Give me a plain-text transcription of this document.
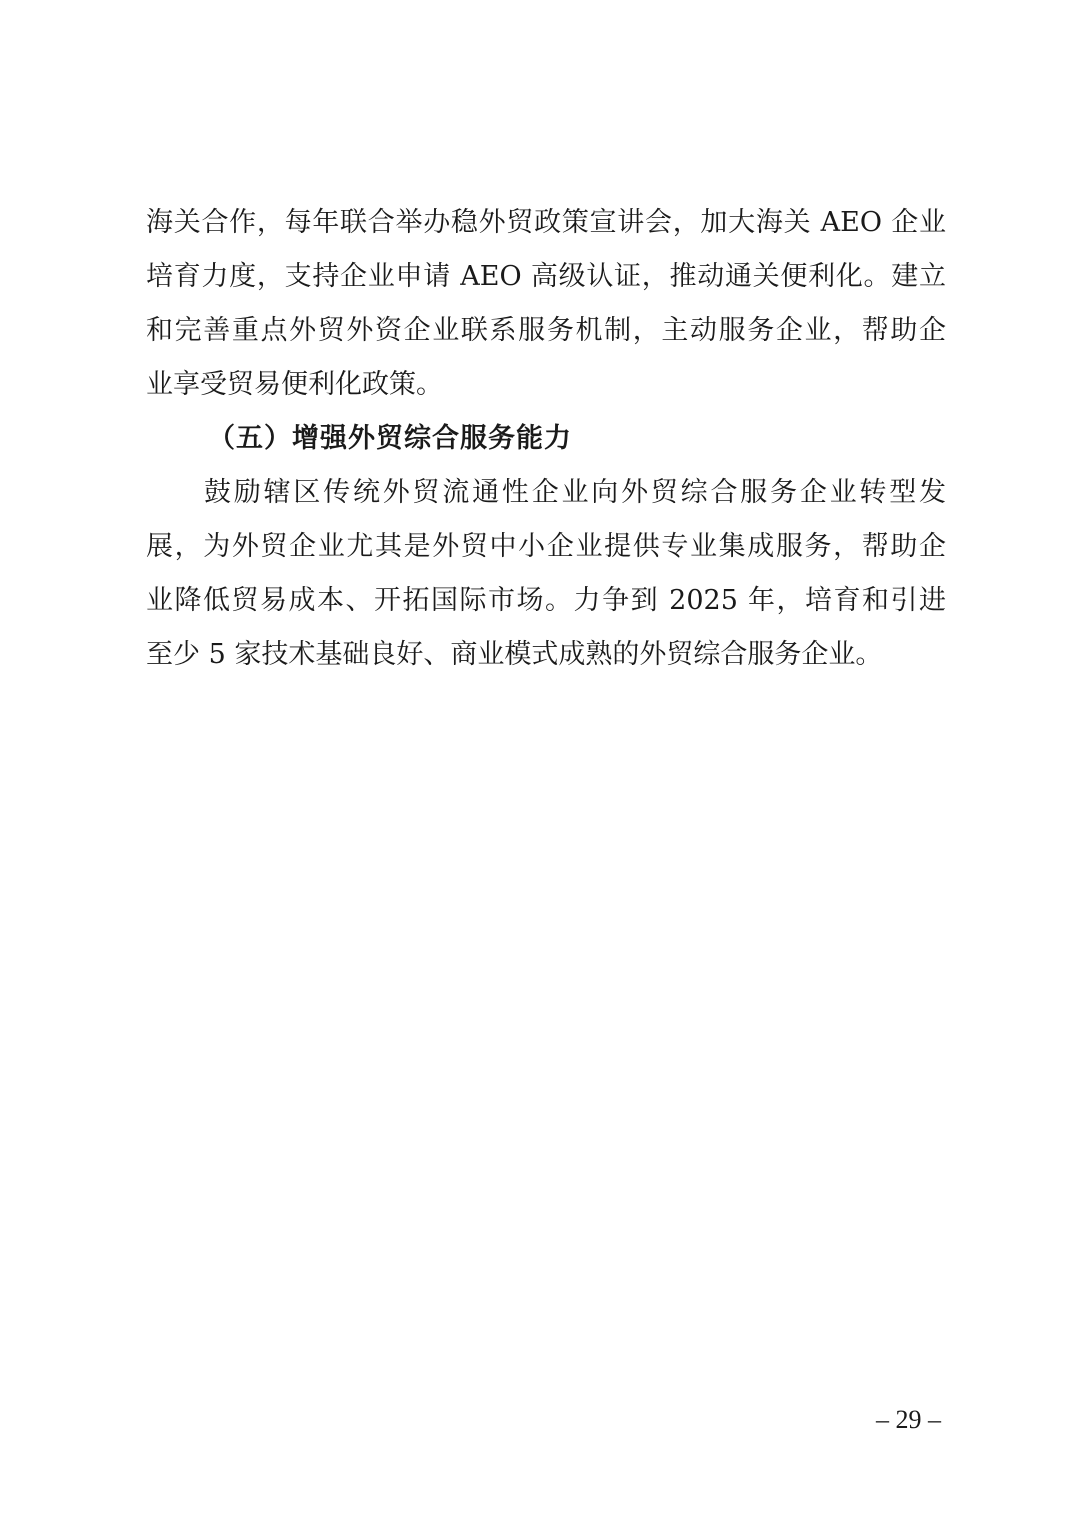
海关合作，每年联合举办稳外贸政策宣讲会，加大海关 AEO 企业
培育力度，支持企业申请 AEO 高级认证，推动通关便利化。建立
和完善重点外贸外资企业联系服务机制，主动服务企业，帮助企
业享受贸易便利化政策。
（五）增强外贸综合服务能力
鼓励辖区传统外贸流通性企业向外贸综合服务企业转型发
展，为外贸企业尤其是外贸中小企业提供专业集成服务，帮助企
业降低贸易成本、开拓国际市场。力争到 2025 年，培育和引进
至少 5 家技术基础良好、商业模式成熟的外贸综合服务企业。
– 29 –
